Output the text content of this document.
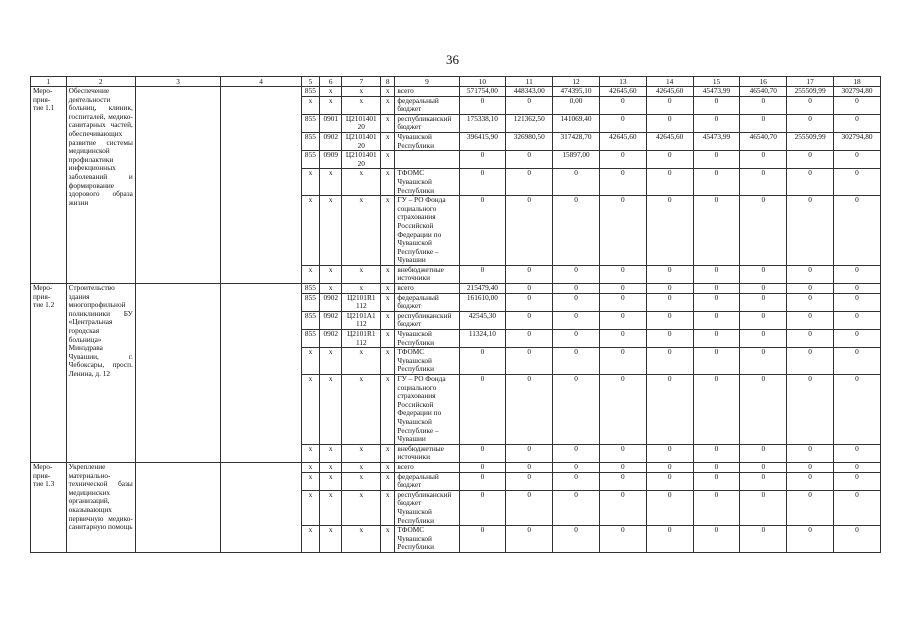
36
1	2	3	4	5	6	7	8	9	10	11	12	13	14	15	16	17	18
Меро-
прия-
тие 1.1	Обеспечение деятельности больниц, клиник, госпиталей, медико-санитарных частей, обеспечивающих развитие системы медицинской профилактики инфекционных заболеваний и формирование здорового образа жизни			855	х	х	х	всего	571754,00	448343,00	474395,10	42645,60	42645,60	45473,99	46540,70	255509,99	302794,80
				х	х	х	х	федеральный бюджет	0	0	0,00	0	0	0	0	0	0
				855	0901	Ц2101401 20	х	республиканский бюджет	175338,10	121362,50	141069,40	0	0	0	0	0	0
				855	0902	Ц2101401 20	х	Чувашской Республики	396415,90	326980,50	317428,70	42645,60	42645,60	45473,99	46540,70	255509,99	302794,80
				855	0909	Ц2101401 20	х		0	0	15897,00	0	0	0	0	0	0
				х	х	х	х	ТФОМС Чувашской Республики	0	0	0	0	0	0	0	0	0
				х	х	х	х	ГУ – РО Фонда социального страхования Российской Федерации по Чувашской Республике – Чувашии	0	0	0	0	0	0	0	0	0
				х	х	х	х	внебюджетные источники	0	0	0	0	0	0	0	0	0
Меро-
прия-
тие 1.2	Строительство здания многопрофильной поликлиники БУ «Центральная городская больница» Минздрава Чувашии, г. Чебоксары, просп. Ленина, д. 12			855	х	х	х	всего	215479,40	0	0	0	0	0	0	0	0
				855	0902	Ц2101R1 112	х	федеральный бюджет	161610,00	0	0	0	0	0	0	0	0
				855	0902	Ц2101А1 112	х	республиканский бюджет	42545,30	0	0	0	0	0	0	0	0
				855	0902	Ц2101R1 112	х	Чувашской Республики	11324,10	0	0	0	0	0	0	0	0
				х	х	х	х	ТФОМС Чувашской Республики	0	0	0	0	0	0	0	0	0
				х	х	х	х	ГУ – РО Фонда социального страхования Российской Федерации по Чувашской Республике – Чувашии	0	0	0	0	0	0	0	0	0
				х	х	х	х	внебюджетные источники	0	0	0	0	0	0	0	0	0
Меро-
прия-
тие 1.3	Укрепление материально-технической базы медицинских организаций, оказывающих первичную медико-санитарную помощь			х	х	х	х	всего	0	0	0	0	0	0	0	0	0
				х	х	х	х	федеральный бюджет	0	0	0	0	0	0	0	0	0
				х	х	х	х	республиканский бюджет Чувашской Республики	0	0	0	0	0	0	0	0	0
				х	х	х	х	ТФОМС Чувашской Республики	0	0	0	0	0	0	0	0	0
